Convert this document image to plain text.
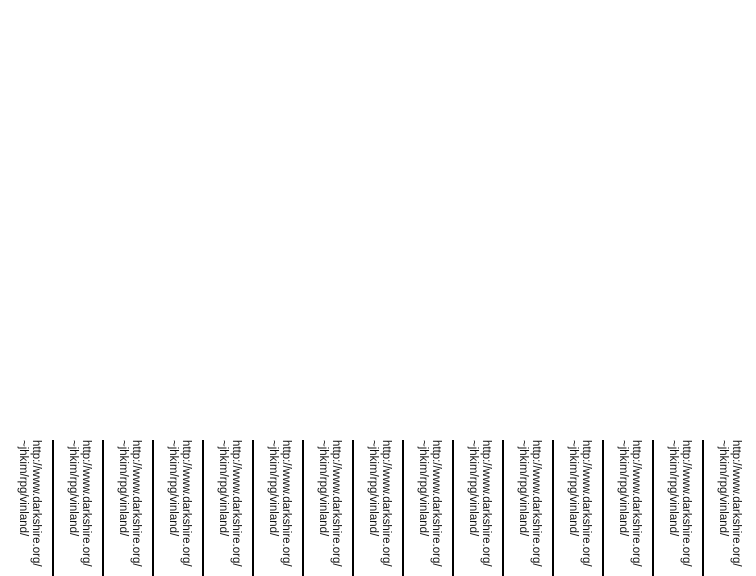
http://www.darkshire.org/
~jhkim/rpg/vinland/	http://www.darkshire.org/
~jhkim/rpg/vinland/	http://www.darkshire.org/
~jhkim/rpg/vinland/	http://www.darkshire.org/
~jhkim/rpg/vinland/	http://www.darkshire.org/
~jhkim/rpg/vinland/	http://www.darkshire.org/
~jhkim/rpg/vinland/	http://www.darkshire.org/
~jhkim/rpg/vinland/	http://www.darkshire.org/
~jhkim/rpg/vinland/	http://www.darkshire.org/
~jhkim/rpg/vinland/	http://www.darkshire.org/
~jhkim/rpg/vinland/	http://www.darkshire.org/
~jhkim/rpg/vinland/	http://www.darkshire.org/
~jhkim/rpg/vinland/	http://www.darkshire.org/
~jhkim/rpg/vinland/	http://www.darkshire.org/
~jhkim/rpg/vinland/	http://www.darkshire.org/
~jhkim/rpg/vinland/
